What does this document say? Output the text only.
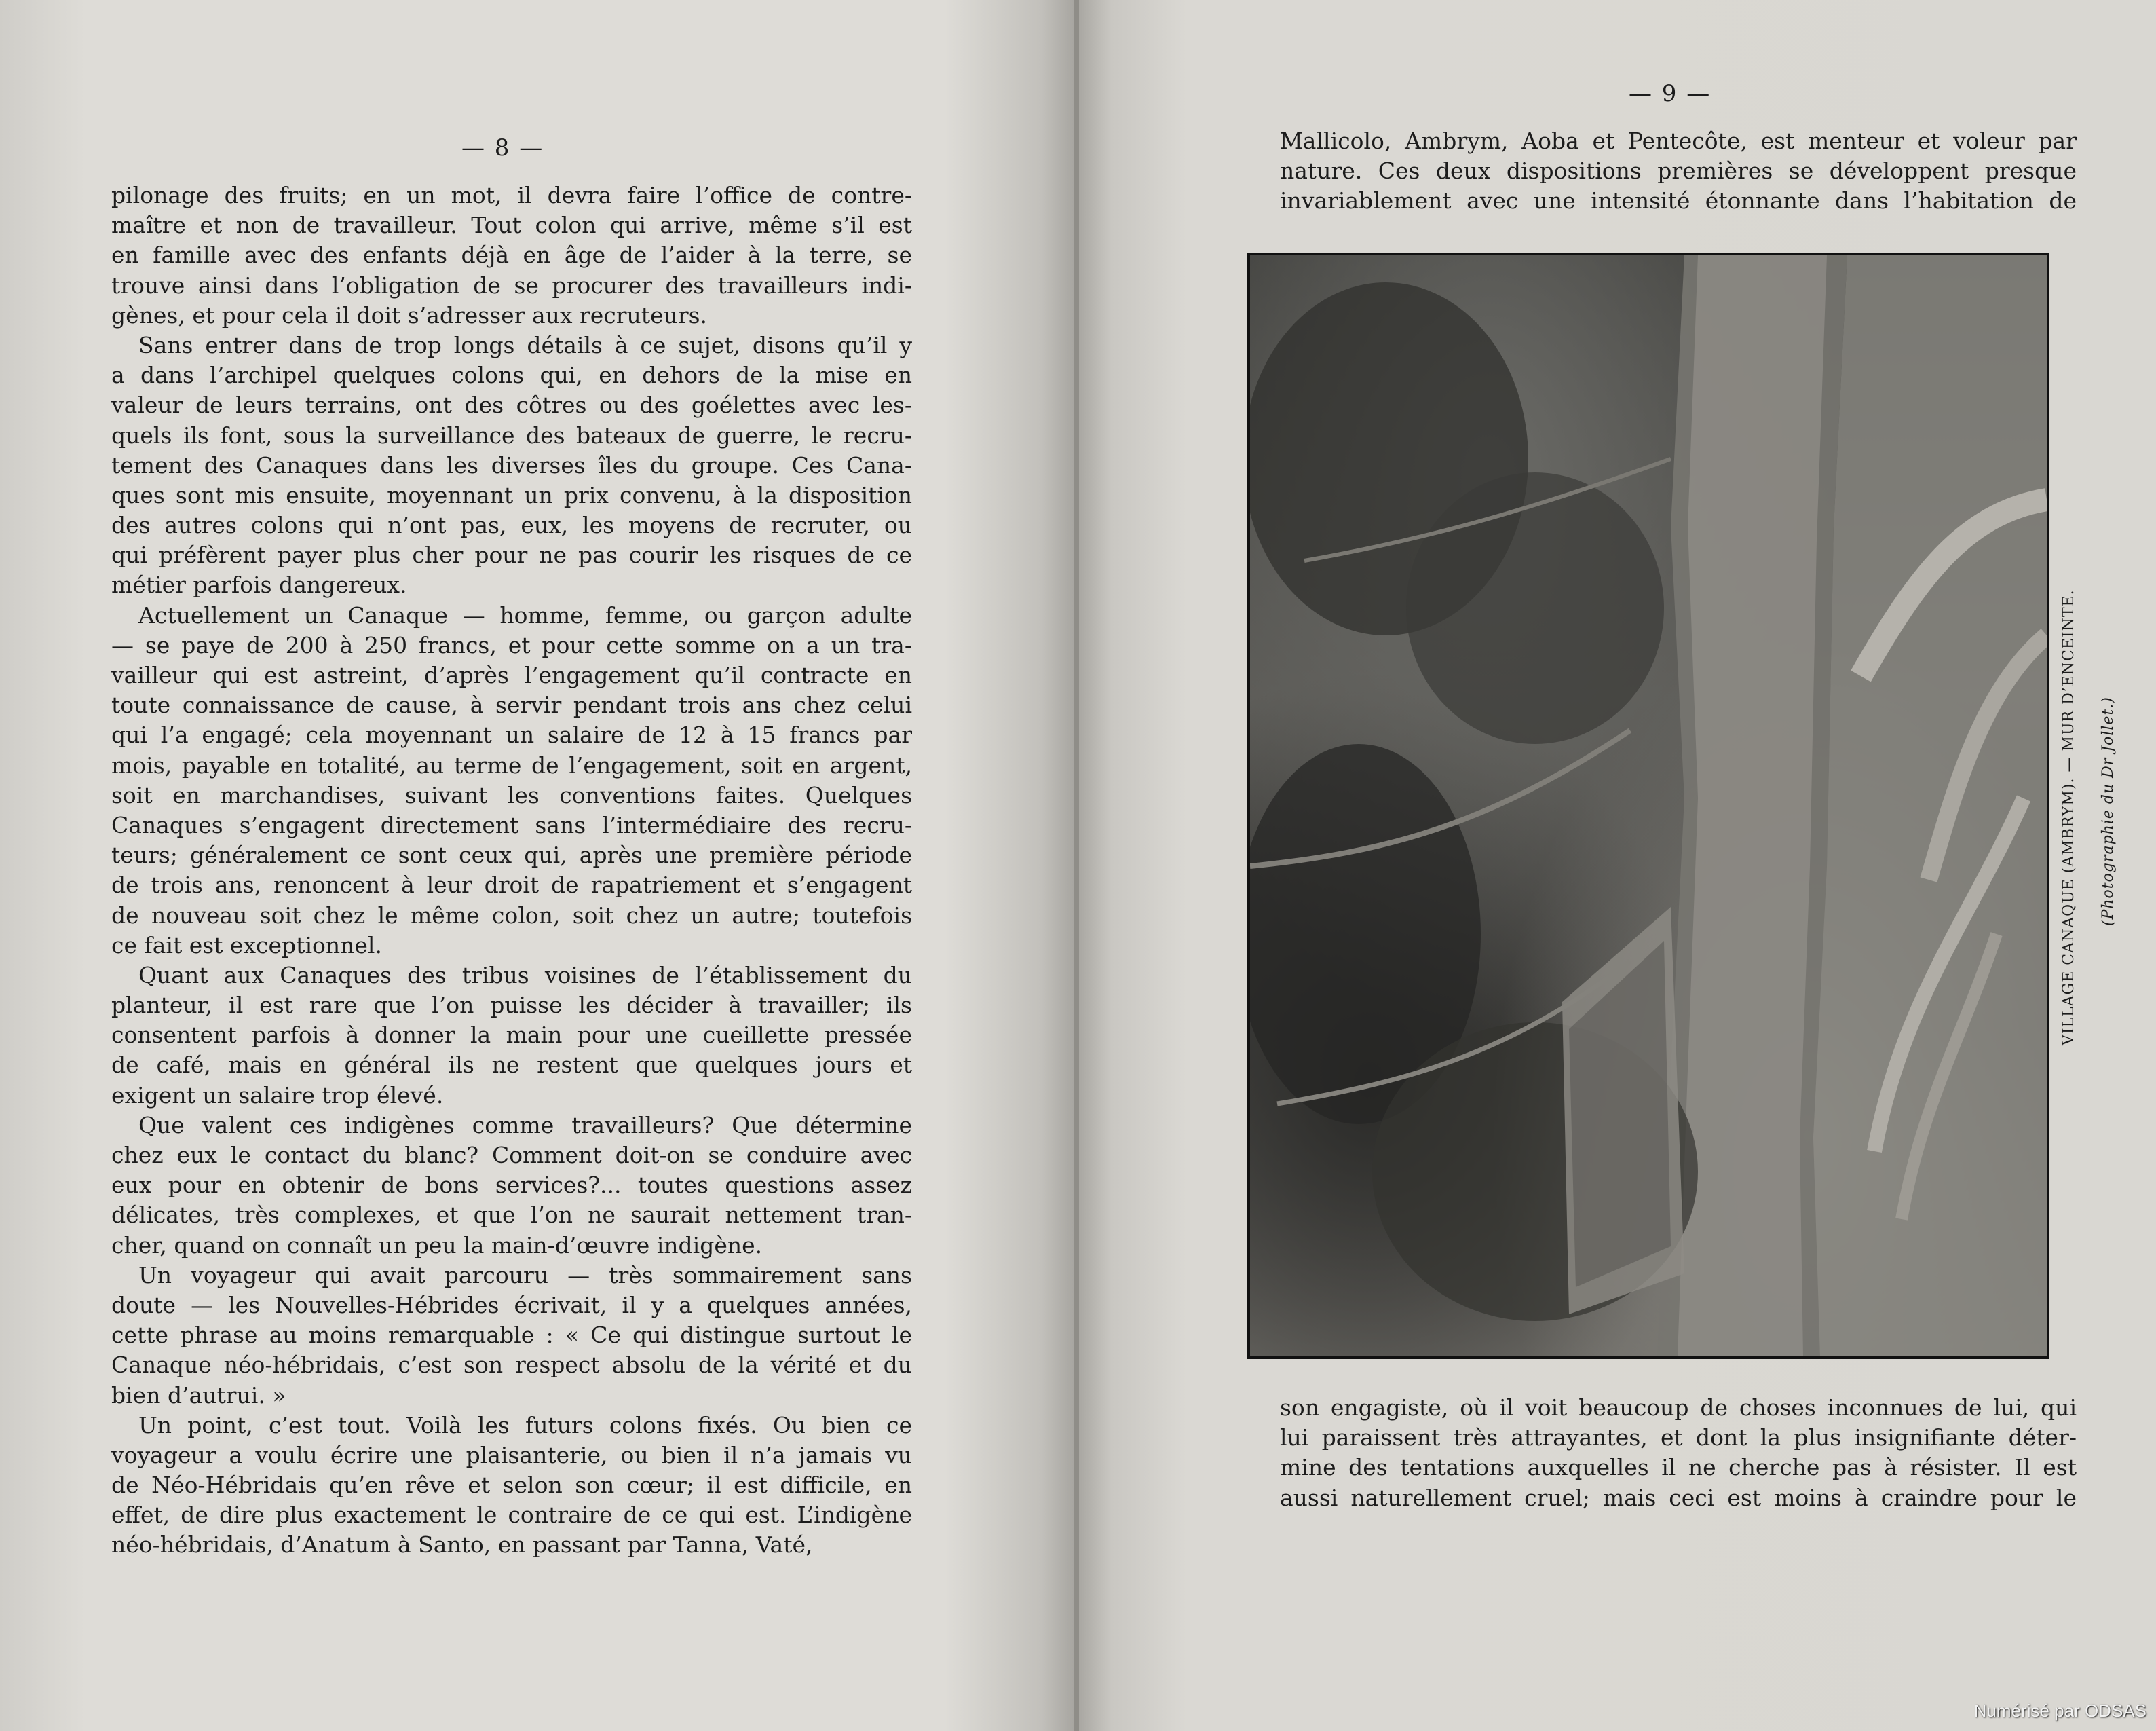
— 8 —
pilonage des fruits; en un mot, il devra faire l’office de contre-
maître et non de travailleur. Tout colon qui arrive, même s’il est
en famille avec des enfants déjà en âge de l’aider à la terre, se
trouve ainsi dans l’obligation de se procurer des travailleurs indi-
gènes, et pour cela il doit s’adresser aux recruteurs.
Sans entrer dans de trop longs détails à ce sujet, disons qu’il y
a dans l’archipel quelques colons qui, en dehors de la mise en
valeur de leurs terrains, ont des côtres ou des goélettes avec les-
quels ils font, sous la surveillance des bateaux de guerre, le recru-
tement des Canaques dans les diverses îles du groupe. Ces Cana-
ques sont mis ensuite, moyennant un prix convenu, à la disposition
des autres colons qui n’ont pas, eux, les moyens de recruter, ou
qui préfèrent payer plus cher pour ne pas courir les risques de ce
métier parfois dangereux.
Actuellement un Canaque — homme, femme, ou garçon adulte
— se paye de 200 à 250 francs, et pour cette somme on a un tra-
vailleur qui est astreint, d’après l’engagement qu’il contracte en
toute connaissance de cause, à servir pendant trois ans chez celui
qui l’a engagé; cela moyennant un salaire de 12 à 15 francs par
mois, payable en totalité, au terme de l’engagement, soit en argent,
soit en marchandises, suivant les conventions faites. Quelques
Canaques s’engagent directement sans l’intermédiaire des recru-
teurs; généralement ce sont ceux qui, après une première période
de trois ans, renoncent à leur droit de rapatriement et s’engagent
de nouveau soit chez le même colon, soit chez un autre; toutefois
ce fait est exceptionnel.
Quant aux Canaques des tribus voisines de l’établissement du
planteur, il est rare que l’on puisse les décider à travailler; ils
consentent parfois à donner la main pour une cueillette pressée
de café, mais en général ils ne restent que quelques jours et
exigent un salaire trop élevé.
Que valent ces indigènes comme travailleurs? Que détermine
chez eux le contact du blanc? Comment doit-on se conduire avec
eux pour en obtenir de bons services?... toutes questions assez
délicates, très complexes, et que l’on ne saurait nettement tran-
cher, quand on connaît un peu la main-d’œuvre indigène.
Un voyageur qui avait parcouru — très sommairement sans
doute — les Nouvelles-Hébrides écrivait, il y a quelques années,
cette phrase au moins remarquable : « Ce qui distingue surtout le
Canaque néo-hébridais, c’est son respect absolu de la vérité et du
bien d’autrui. »
Un point, c’est tout. Voilà les futurs colons fixés. Ou bien ce
voyageur a voulu écrire une plaisanterie, ou bien il n’a jamais vu
de Néo-Hébridais qu’en rêve et selon son cœur; il est difficile, en
effet, de dire plus exactement le contraire de ce qui est. L’indigène
néo-hébridais, d’Anatum à Santo, en passant par Tanna, Vaté,
— 9 —
Mallicolo, Ambrym, Aoba et Pentecôte, est menteur et voleur par
nature. Ces deux dispositions premières se développent presque
invariablement avec une intensité étonnante dans l’habitation de
VILLAGE CANAQUE (AMBRYM). — MUR D’ENCEINTE. (Photographie du Dr Jollet.)
son engagiste, où il voit beaucoup de choses inconnues de lui, qui
lui paraissent très attrayantes, et dont la plus insignifiante déter-
mine des tentations auxquelles il ne cherche pas à résister. Il est
aussi naturellement cruel; mais ceci est moins à craindre pour le
Numérisé par ODSAS
